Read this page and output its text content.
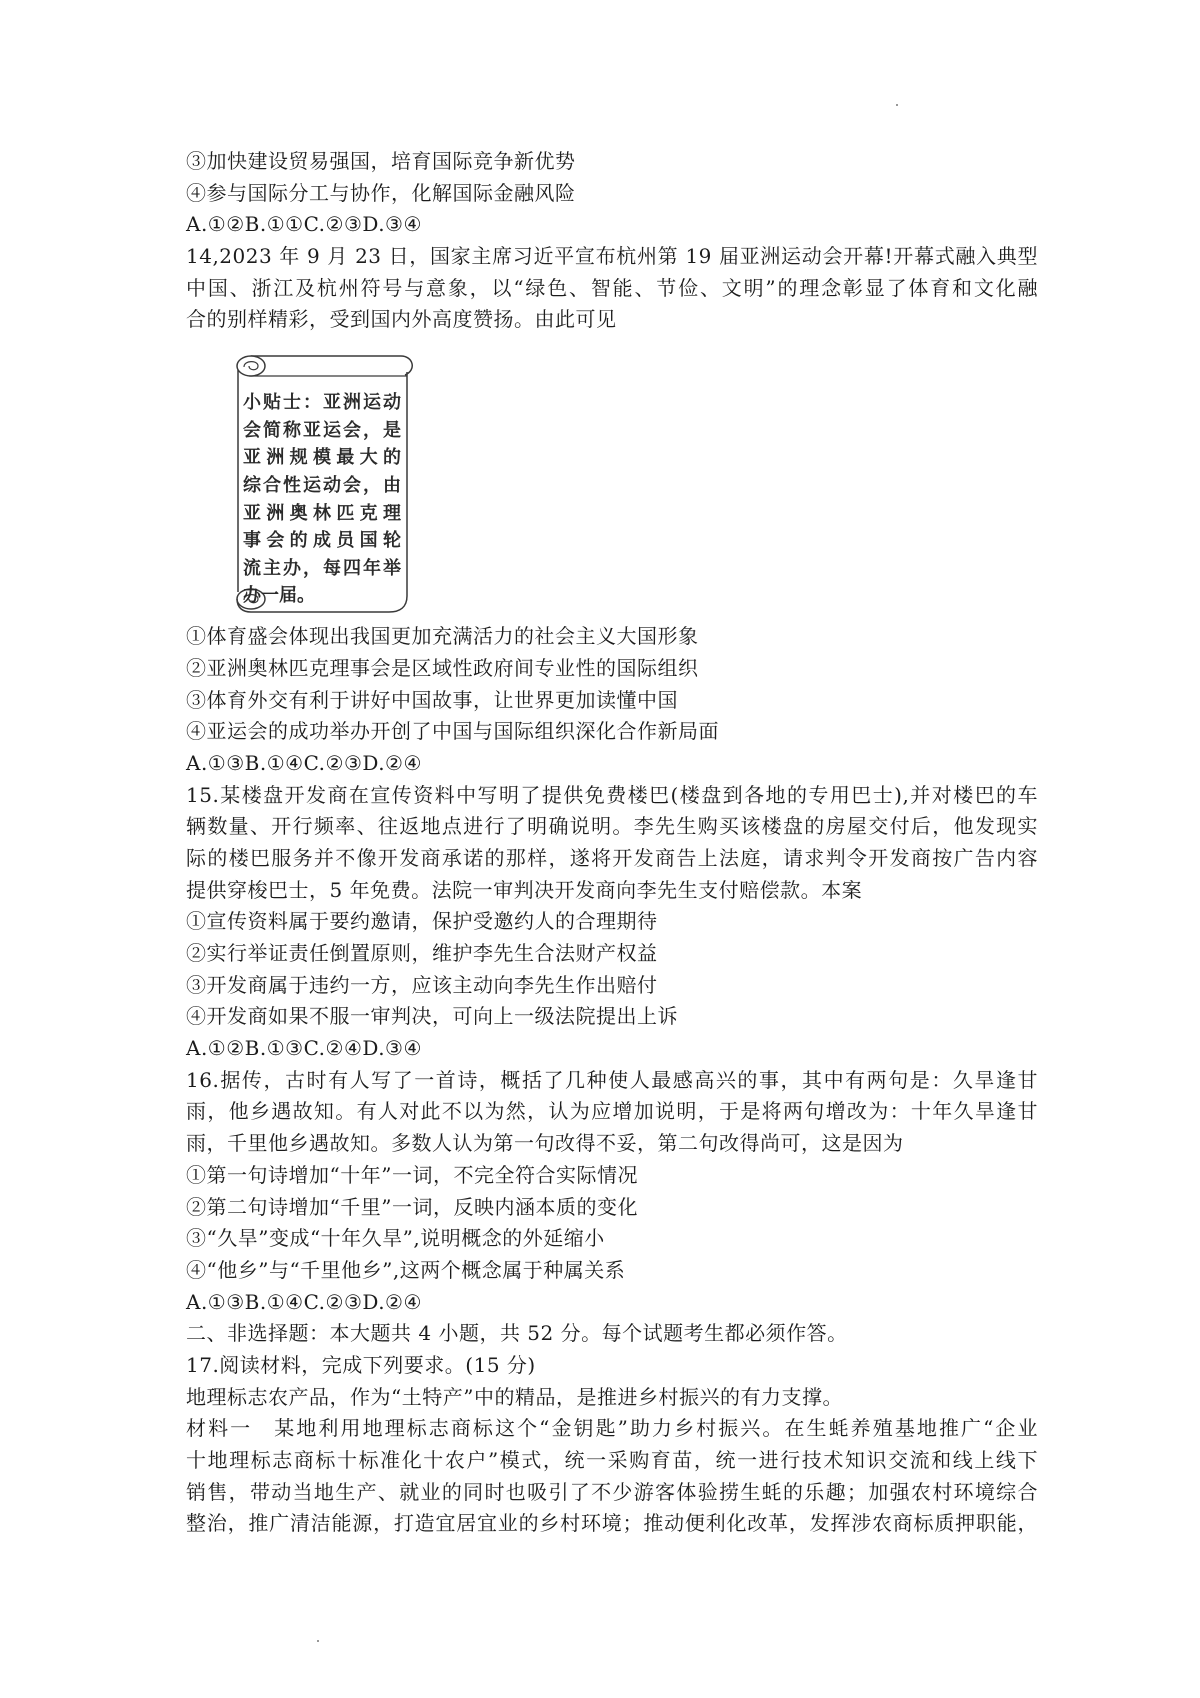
③加快建设贸易强国，培育国际竞争新优势
④参与国际分工与协作，化解国际金融风险
A.①②B.①①C.②③D.③④
14,2023 年 9 月 23 日，国家主席习近平宣布杭州第 19 届亚洲运动会开幕!开幕式融入典型
中国、浙江及杭州符号与意象，以“绿色、智能、节俭、文明”的理念彰显了体育和文化融
合的别样精彩，受到国内外高度赞扬。由此可见
小贴士：亚洲运动
会简称亚运会，是
亚洲规模最大的
综合性运动会，由
亚洲奥林匹克理
事会的成员国轮
流主办，每四年举
办一届。
①体育盛会体现出我国更加充满活力的社会主义大国形象
②亚洲奥林匹克理事会是区域性政府间专业性的国际组织
③体育外交有利于讲好中国故事，让世界更加读懂中国
④亚运会的成功举办开创了中国与国际组织深化合作新局面
A.①③B.①④C.②③D.②④
15.某楼盘开发商在宣传资料中写明了提供免费楼巴(楼盘到各地的专用巴士),并对楼巴的车
辆数量、开行频率、往返地点进行了明确说明。李先生购买该楼盘的房屋交付后，他发现实
际的楼巴服务并不像开发商承诺的那样，遂将开发商告上法庭，请求判令开发商按广告内容
提供穿梭巴士，5 年免费。法院一审判决开发商向李先生支付赔偿款。本案
①宣传资料属于要约邀请，保护受邀约人的合理期待
②实行举证责任倒置原则，维护李先生合法财产权益
③开发商属于违约一方，应该主动向李先生作出赔付
④开发商如果不服一审判决，可向上一级法院提出上诉
A.①②B.①③C.②④D.③④
16.据传，古时有人写了一首诗，概括了几种使人最感高兴的事，其中有两句是：久旱逢甘
雨，他乡遇故知。有人对此不以为然，认为应增加说明，于是将两句增改为：十年久旱逢甘
雨，千里他乡遇故知。多数人认为第一句改得不妥，第二句改得尚可，这是因为
①第一句诗增加“十年”一词，不完全符合实际情况
②第二句诗增加“千里”一词，反映内涵本质的变化
③“久旱”变成“十年久旱”,说明概念的外延缩小
④“他乡”与“千里他乡”,这两个概念属于种属关系
A.①③B.①④C.②③D.②④
二、非选择题：本大题共 4 小题，共 52 分。每个试题考生都必须作答。
17.阅读材料，完成下列要求。(15 分)
地理标志农产品，作为“土特产”中的精品，是推进乡村振兴的有力支撑。
材料一　某地利用地理标志商标这个“金钥匙”助力乡村振兴。在生蚝养殖基地推广“企业
十地理标志商标十标准化十农户”模式，统一采购育苗，统一进行技术知识交流和线上线下
销售，带动当地生产、就业的同时也吸引了不少游客体验捞生蚝的乐趣；加强农村环境综合
整治，推广清洁能源，打造宜居宜业的乡村环境；推动便利化改革，发挥涉农商标质押职能，
